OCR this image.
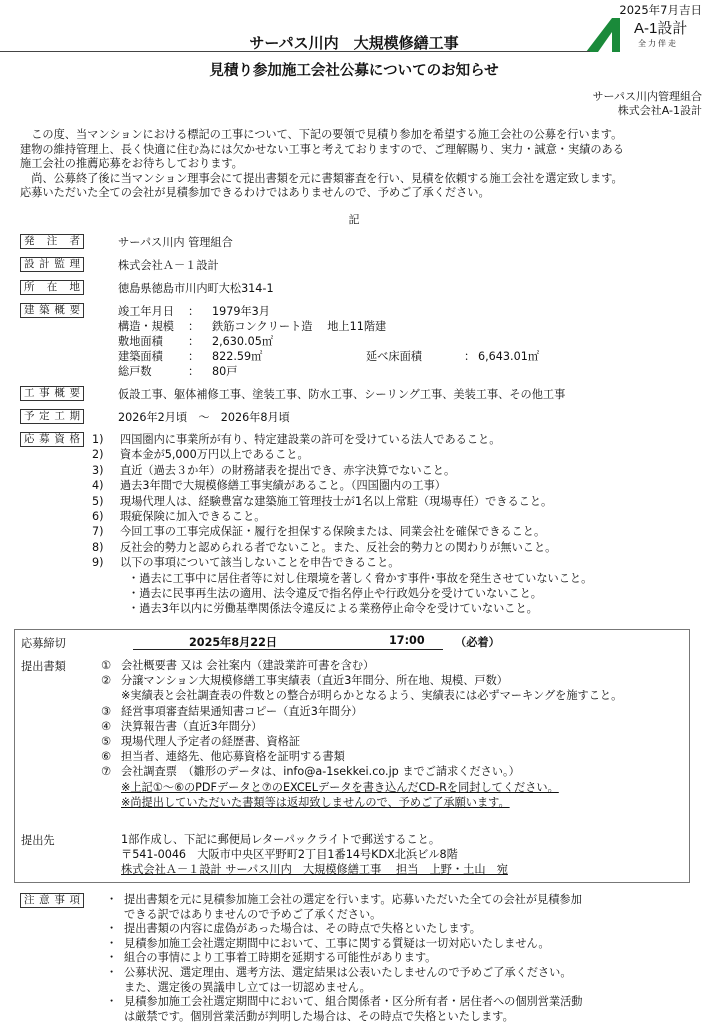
2025年7月吉日
A-1設計
全力伴走
サーパス川内　大規模修繕工事
見積り参加施工会社公募についてのお知らせ
サーパス川内管理組合
株式会社A-1設計
　この度、当マンションにおける標記の工事について、下記の要領で見積り参加を希望する施工会社の公募を行います。
建物の維持管理上、長く快適に住む為には欠かせない工事と考えておりますので、ご理解賜り、実力・誠意・実績のある
施工会社の推薦応募をお待ちしております。
　尚、公募終了後に当マンション理事会にて提出書類を元に書類審査を行い、見積を依頼する施工会社を選定致します。
応募いただいた全ての会社が見積参加できるわけではありませんので、予めご了承ください。
記
発注者	サーパス川内 管理組合
設計監理	株式会社Ａ－１設計
所在地	徳島県徳島市川内町大松314-1
建築概要	竣工年月日 ： 1979年3月
構造・規模 ： 鉄筋コンクリート造　 地上11階建
敷地面積 ： 2,630.05㎡
建築面積 ： 822.59㎡	延べ床面積	： 6,643.01㎡
総戸数	： 80戸
工事概要	仮設工事、躯体補修工事、塗装工事、防水工事、シーリング工事、美装工事、その他工事
予定工期	2026年2月頃　～　2026年8月頃
応募資格	1) 四国圏内に事業所が有り、特定建設業の許可を受けている法人であること。
2) 資本金が5,000万円以上であること。
3) 直近（過去３か年）の財務諸表を提出でき、赤字決算でないこと。
4) 過去3年間で大規模修繕工事実績があること。（四国圏内の工事）
5) 現場代理人は、経験豊富な建築施工管理技士が1名以上常駐（現場専任）できること。
6) 瑕疵保険に加入できること。
7) 今回工事の工事完成保証・履行を担保する保険または、同業会社を確保できること。
8) 反社会的勢力と認められる者でないこと。また、反社会的勢力との関わりが無いこと。
9) 以下の事項について該当しないことを申告できること。
・過去に工事中に居住者等に対し住環境を著しく脅かす事件･事故を発生させていないこと。
・過去に民事再生法の適用、法令違反で指名停止や行政処分を受けていないこと。
・過去3年以内に労働基準関係法令違反による業務停止命令を受けていないこと。
応募締切	2025年8月22日	17:00	（必着）
提出書類	① 会社概要書 又は 会社案内（建設業許可書を含む）
② 分譲マンション大規模修繕工事実績表（直近3年間分、所在地、規模、戸数）
※実績表と会社調査表の件数との整合が明らかとなるよう、実績表には必ずマーキングを施すこと。
③ 経営事項審査結果通知書コピー（直近3年間分）
④ 決算報告書（直近3年間分）
⑤ 現場代理人予定者の経歴書、資格証
⑥ 担当者、連絡先、他応募資格を証明する書類
⑦ 会社調査票　（雛形のデータは、info@a-1sekkei.co.jp までご請求ください。）
※上記①～⑥のPDFデータと⑦のEXCELデータを書き込んだCD-Rを同封してください。
※尚提出していただいた書類等は返却致しませんので、予めご了承願います。
提出先	1部作成し、下記に郵便局レターパックライトで郵送すること。
〒541-0046　大阪市中央区平野町2丁目1番14号KDX北浜ビル8階
株式会社Ａ－１設計 サーパス川内　大規模修繕工事　 担当　上野・土山　宛
注意事項	・ 提出書類を元に見積参加施工会社の選定を行います。応募いただいた全ての会社が見積参加
できる訳ではありませんので予めご了承ください。
・ 提出書類の内容に虚偽があった場合は、その時点で失格といたします。
・ 見積参加施工会社選定期間中において、工事に関する質疑は一切対応いたしません。
・ 組合の事情により工事着工時期を延期する可能性があります。
・ 公募状況、選定理由、選考方法、選定結果は公表いたしませんので予めご了承ください。
また、選定後の異議申し立ては一切認めません。
・ 見積参加施工会社選定期間中において、組合関係者・区分所有者・居住者への個別営業活動
は厳禁です。個別営業活動が判明した場合は、その時点で失格といたします。
